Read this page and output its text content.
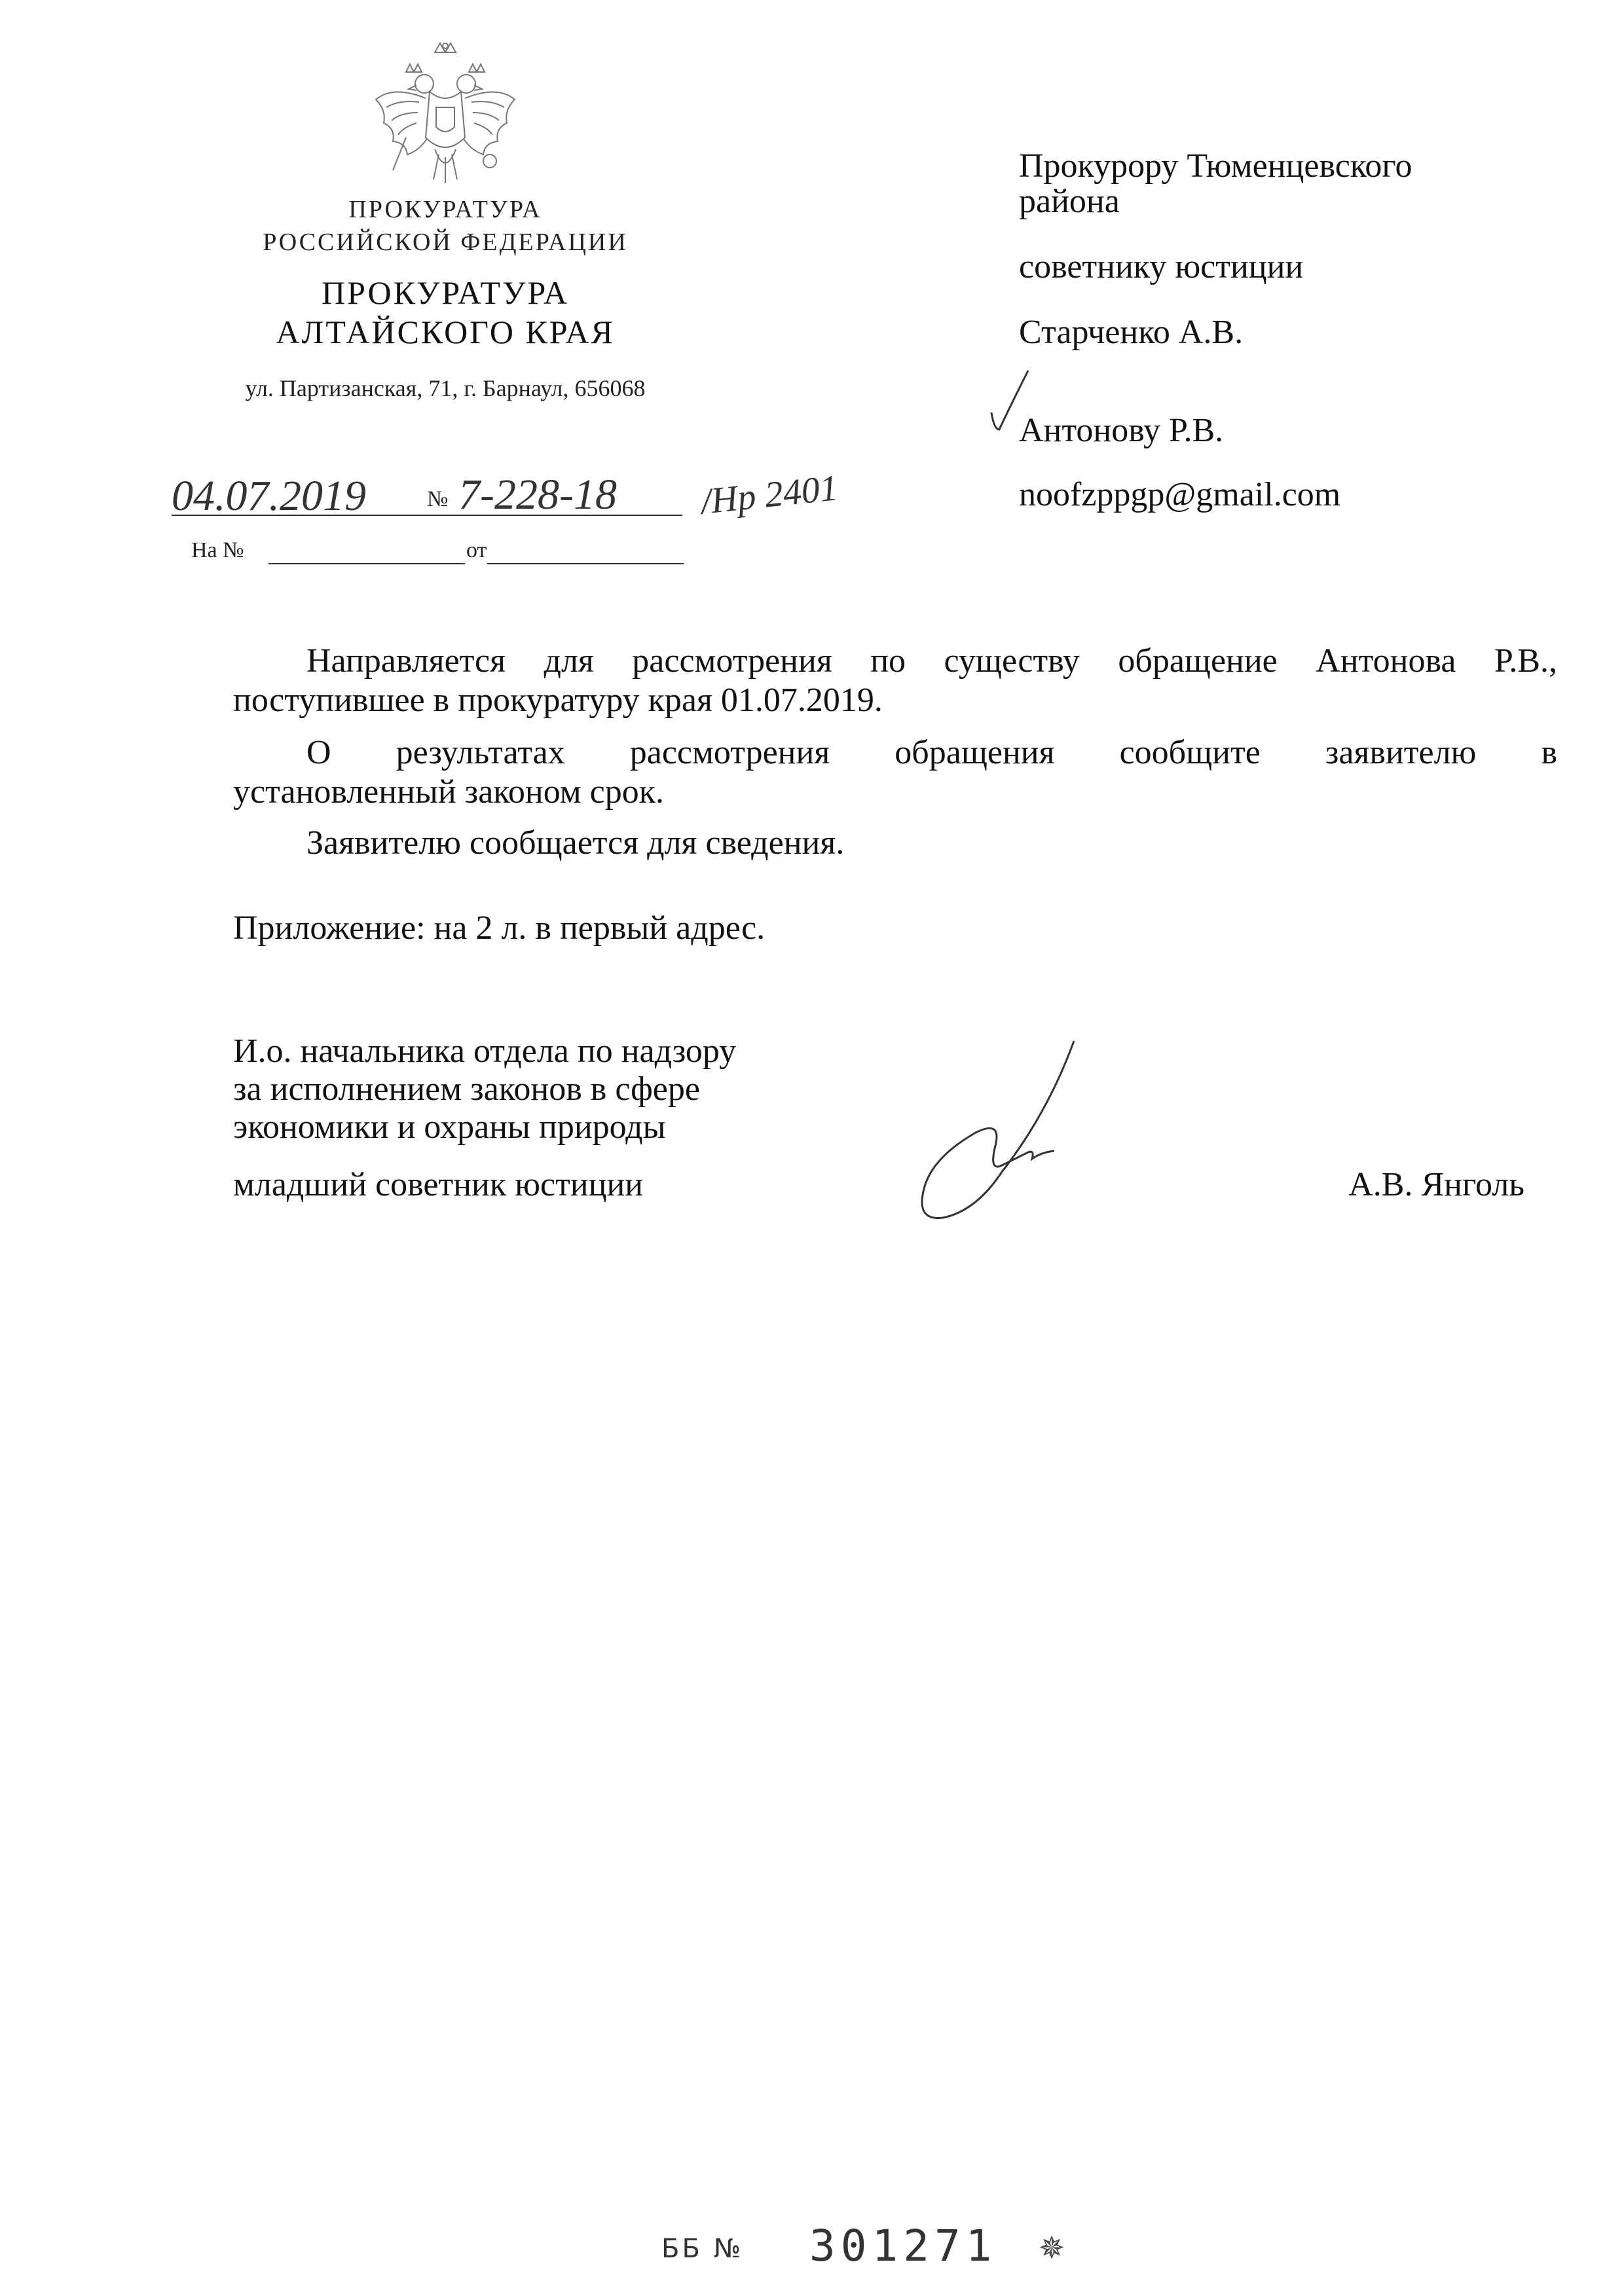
ПРОКУРАТУРА
РОССИЙСКОЙ ФЕДЕРАЦИИ
ПРОКУРАТУРА
АЛТАЙСКОГО КРАЯ
ул. Партизанская, 71, г. Барнаул, 656068
04.07.2019	№ 7-228-18 /Нр 2401
На №	от
Прокурору Тюменцевского
района
советнику юстиции
Старченко А.В.
Антонову Р.В.
noofzppgp@gmail.com
Направляется для рассмотрения по существу обращение Антонова Р.В.,
поступившее в прокуратуру края 01.07.2019.
О результатах рассмотрения обращения сообщите заявителю в
установленный законом срок.
Заявителю сообщается для сведения.
Приложение: на 2 л. в первый адрес.
И.о. начальника отдела по надзору
за исполнением законов в сфере
экономики и охраны природы
младший советник юстиции	А.В. Янголь
ББ № 301271 ✵
